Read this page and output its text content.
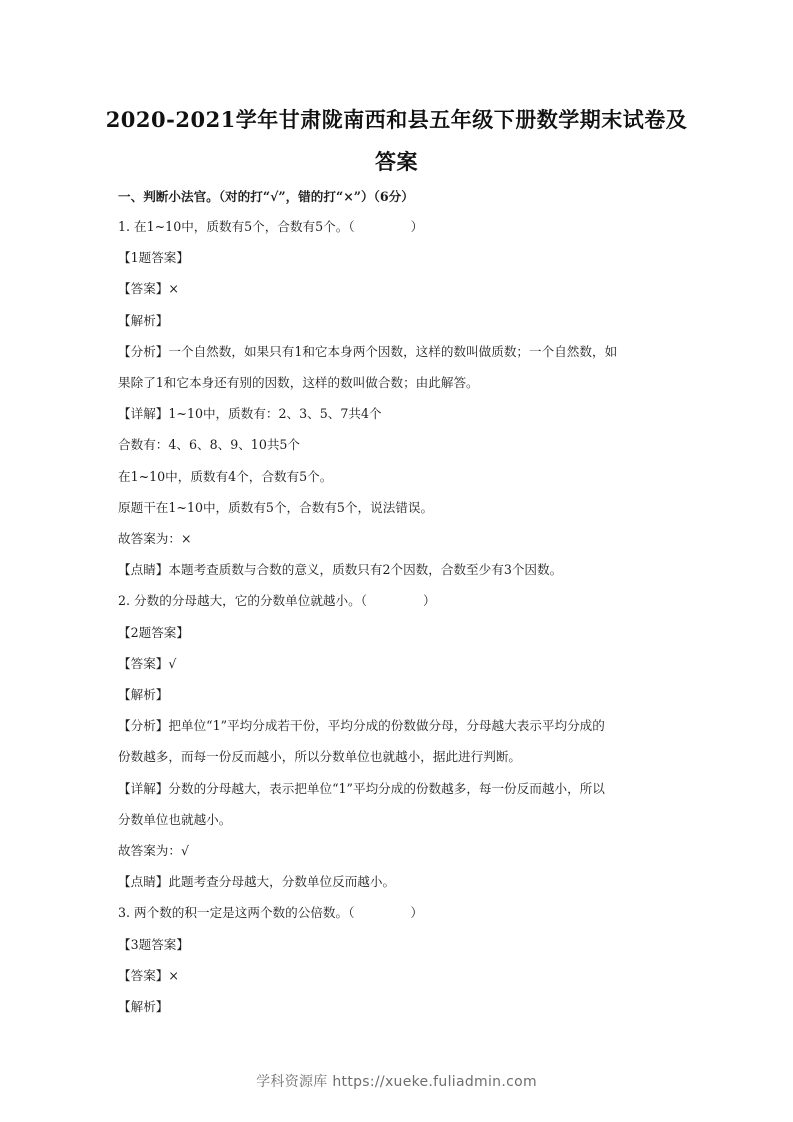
2020-2021学年甘肃陇南西和县五年级下册数学期末试卷及
答案
一、判断小法官。（对的打“√”，错的打“×”）（6分）
1. 在1~10中，质数有5个，合数有5个。（	）
【1题答案】
【答案】×
【解析】
【分析】一个自然数，如果只有1和它本身两个因数，这样的数叫做质数；一个自然数，如
果除了1和它本身还有别的因数，这样的数叫做合数；由此解答。
【详解】1~10中，质数有：2、3、5、7共4个
合数有：4、6、8、9、10共5个
在1~10中，质数有4个，合数有5个。
原题干在1~10中，质数有5个，合数有5个，说法错误。
故答案为：×
【点睛】本题考查质数与合数的意义，质数只有2个因数，合数至少有3个因数。
2. 分数的分母越大，它的分数单位就越小。（	）
【2题答案】
【答案】√
【解析】
【分析】把单位“1”平均分成若干份，平均分成的份数做分母，分母越大表示平均分成的
份数越多，而每一份反而越小，所以分数单位也就越小，据此进行判断。
【详解】分数的分母越大，表示把单位“1”平均分成的份数越多，每一份反而越小，所以
分数单位也就越小。
故答案为：√
【点睛】此题考查分母越大，分数单位反而越小。
3. 两个数的积一定是这两个数的公倍数。（	）
【3题答案】
【答案】×
【解析】
学科资源库 https://xueke.fuliadmin.com
